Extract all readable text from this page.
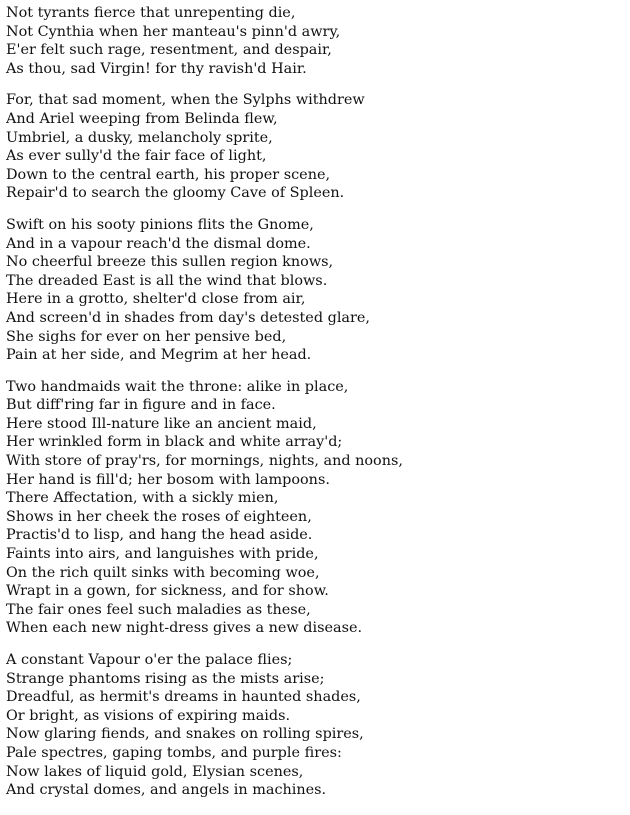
Not tyrants fierce that unrepenting die,
Not Cynthia when her manteau's pinn'd awry,
E'er felt such rage, resentment, and despair,
As thou, sad Virgin! for thy ravish'd Hair.
For, that sad moment, when the Sylphs withdrew
And Ariel weeping from Belinda flew,
Umbriel, a dusky, melancholy sprite,
As ever sully'd the fair face of light,
Down to the central earth, his proper scene,
Repair'd to search the gloomy Cave of Spleen.
Swift on his sooty pinions flits the Gnome,
And in a vapour reach'd the dismal dome.
No cheerful breeze this sullen region knows,
The dreaded East is all the wind that blows.
Here in a grotto, shelter'd close from air,
And screen'd in shades from day's detested glare,
She sighs for ever on her pensive bed,
Pain at her side, and Megrim at her head.
Two handmaids wait the throne: alike in place,
But diff'ring far in figure and in face.
Here stood Ill-nature like an ancient maid,
Her wrinkled form in black and white array'd;
With store of pray'rs, for mornings, nights, and noons,
Her hand is fill'd; her bosom with lampoons.
There Affectation, with a sickly mien,
Shows in her cheek the roses of eighteen,
Practis'd to lisp, and hang the head aside.
Faints into airs, and languishes with pride,
On the rich quilt sinks with becoming woe,
Wrapt in a gown, for sickness, and for show.
The fair ones feel such maladies as these,
When each new night-dress gives a new disease.
A constant Vapour o'er the palace flies;
Strange phantoms rising as the mists arise;
Dreadful, as hermit's dreams in haunted shades,
Or bright, as visions of expiring maids.
Now glaring fiends, and snakes on rolling spires,
Pale spectres, gaping tombs, and purple fires:
Now lakes of liquid gold, Elysian scenes,
And crystal domes, and angels in machines.
